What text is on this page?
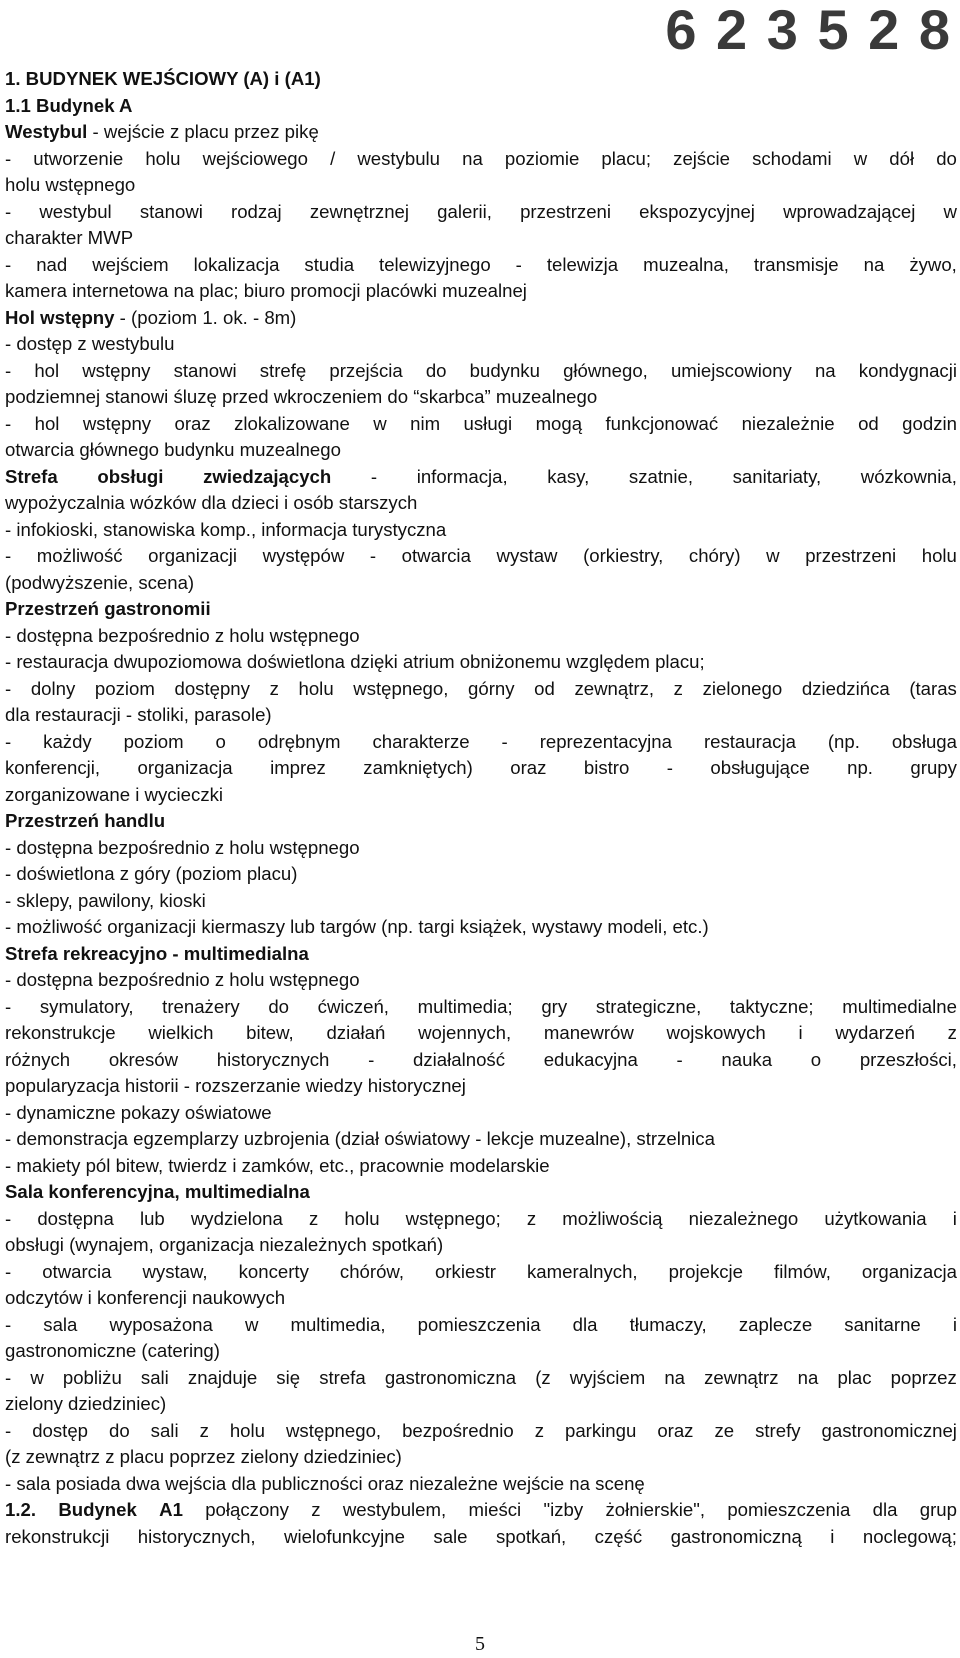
6 2 3 5 2 8
1. BUDYNEK WEJŚCIOWY (A) i (A1)
1.1 Budynek A
Westybul - wejście z placu przez pikę
- utworzenie holu wejściowego / westybulu na poziomie placu; zejście schodami w dół do
holu wstępnego
- westybul stanowi rodzaj zewnętrznej galerii, przestrzeni ekspozycyjnej wprowadzającej w
charakter MWP
- nad wejściem lokalizacja studia telewizyjnego - telewizja muzealna, transmisje na żywo,
kamera internetowa na plac; biuro promocji placówki muzealnej
Hol wstępny - (poziom 1. ok. - 8m)
- dostęp z westybulu
- hol wstępny stanowi strefę przejścia do budynku głównego, umiejscowiony na kondygnacji
podziemnej stanowi śluzę przed wkroczeniem do “skarbca” muzealnego
- hol wstępny oraz zlokalizowane w nim usługi mogą funkcjonować niezależnie od godzin
otwarcia głównego budynku muzealnego
Strefa obsługi zwiedzających - informacja, kasy, szatnie, sanitariaty, wózkownia,
wypożyczalnia wózków dla dzieci i osób starszych
- infokioski, stanowiska komp., informacja turystyczna
- możliwość organizacji występów - otwarcia wystaw (orkiestry, chóry) w przestrzeni holu
(podwyższenie, scena)
Przestrzeń gastronomii
- dostępna bezpośrednio z holu wstępnego
- restauracja dwupoziomowa doświetlona dzięki atrium obniżonemu względem placu;
- dolny poziom dostępny z holu wstępnego, górny od zewnątrz, z zielonego dziedzińca (taras
dla restauracji - stoliki, parasole)
- każdy poziom o odrębnym charakterze - reprezentacyjna restauracja (np. obsługa
konferencji, organizacja imprez zamkniętych) oraz bistro - obsługujące np. grupy
zorganizowane i wycieczki
Przestrzeń handlu
- dostępna bezpośrednio z holu wstępnego
- doświetlona z góry (poziom placu)
- sklepy, pawilony, kioski
- możliwość organizacji kiermaszy lub targów (np. targi książek, wystawy modeli, etc.)
Strefa rekreacyjno - multimedialna
- dostępna bezpośrednio z holu wstępnego
- symulatory, trenażery do ćwiczeń, multimedia; gry strategiczne, taktyczne; multimedialne
rekonstrukcje wielkich bitew, działań wojennych, manewrów wojskowych i wydarzeń z
różnych okresów historycznych - działalność edukacyjna - nauka o przeszłości,
popularyzacja historii - rozszerzanie wiedzy historycznej
- dynamiczne pokazy oświatowe
- demonstracja egzemplarzy uzbrojenia (dział oświatowy - lekcje muzealne), strzelnica
- makiety pól bitew, twierdz i zamków, etc., pracownie modelarskie
Sala konferencyjna, multimedialna
- dostępna lub wydzielona z holu wstępnego; z możliwością niezależnego użytkowania i
obsługi (wynajem, organizacja niezależnych spotkań)
- otwarcia wystaw, koncerty chórów, orkiestr kameralnych, projekcje filmów, organizacja
odczytów i konferencji naukowych
- sala wyposażona w multimedia, pomieszczenia dla tłumaczy, zaplecze sanitarne i
gastronomiczne (catering)
- w pobliżu sali znajduje się strefa gastronomiczna (z wyjściem na zewnątrz na plac poprzez
zielony dziedziniec)
- dostęp do sali z holu wstępnego, bezpośrednio z parkingu oraz ze strefy gastronomicznej
(z zewnątrz z placu poprzez zielony dziedziniec)
- sala posiada dwa wejścia dla publiczności oraz niezależne wejście na scenę
1.2. Budynek A1 połączony z westybulem, mieści "izby żołnierskie", pomieszczenia dla grup
rekonstrukcji historycznych, wielofunkcyjne sale spotkań, część gastronomiczną i noclegową;
5
